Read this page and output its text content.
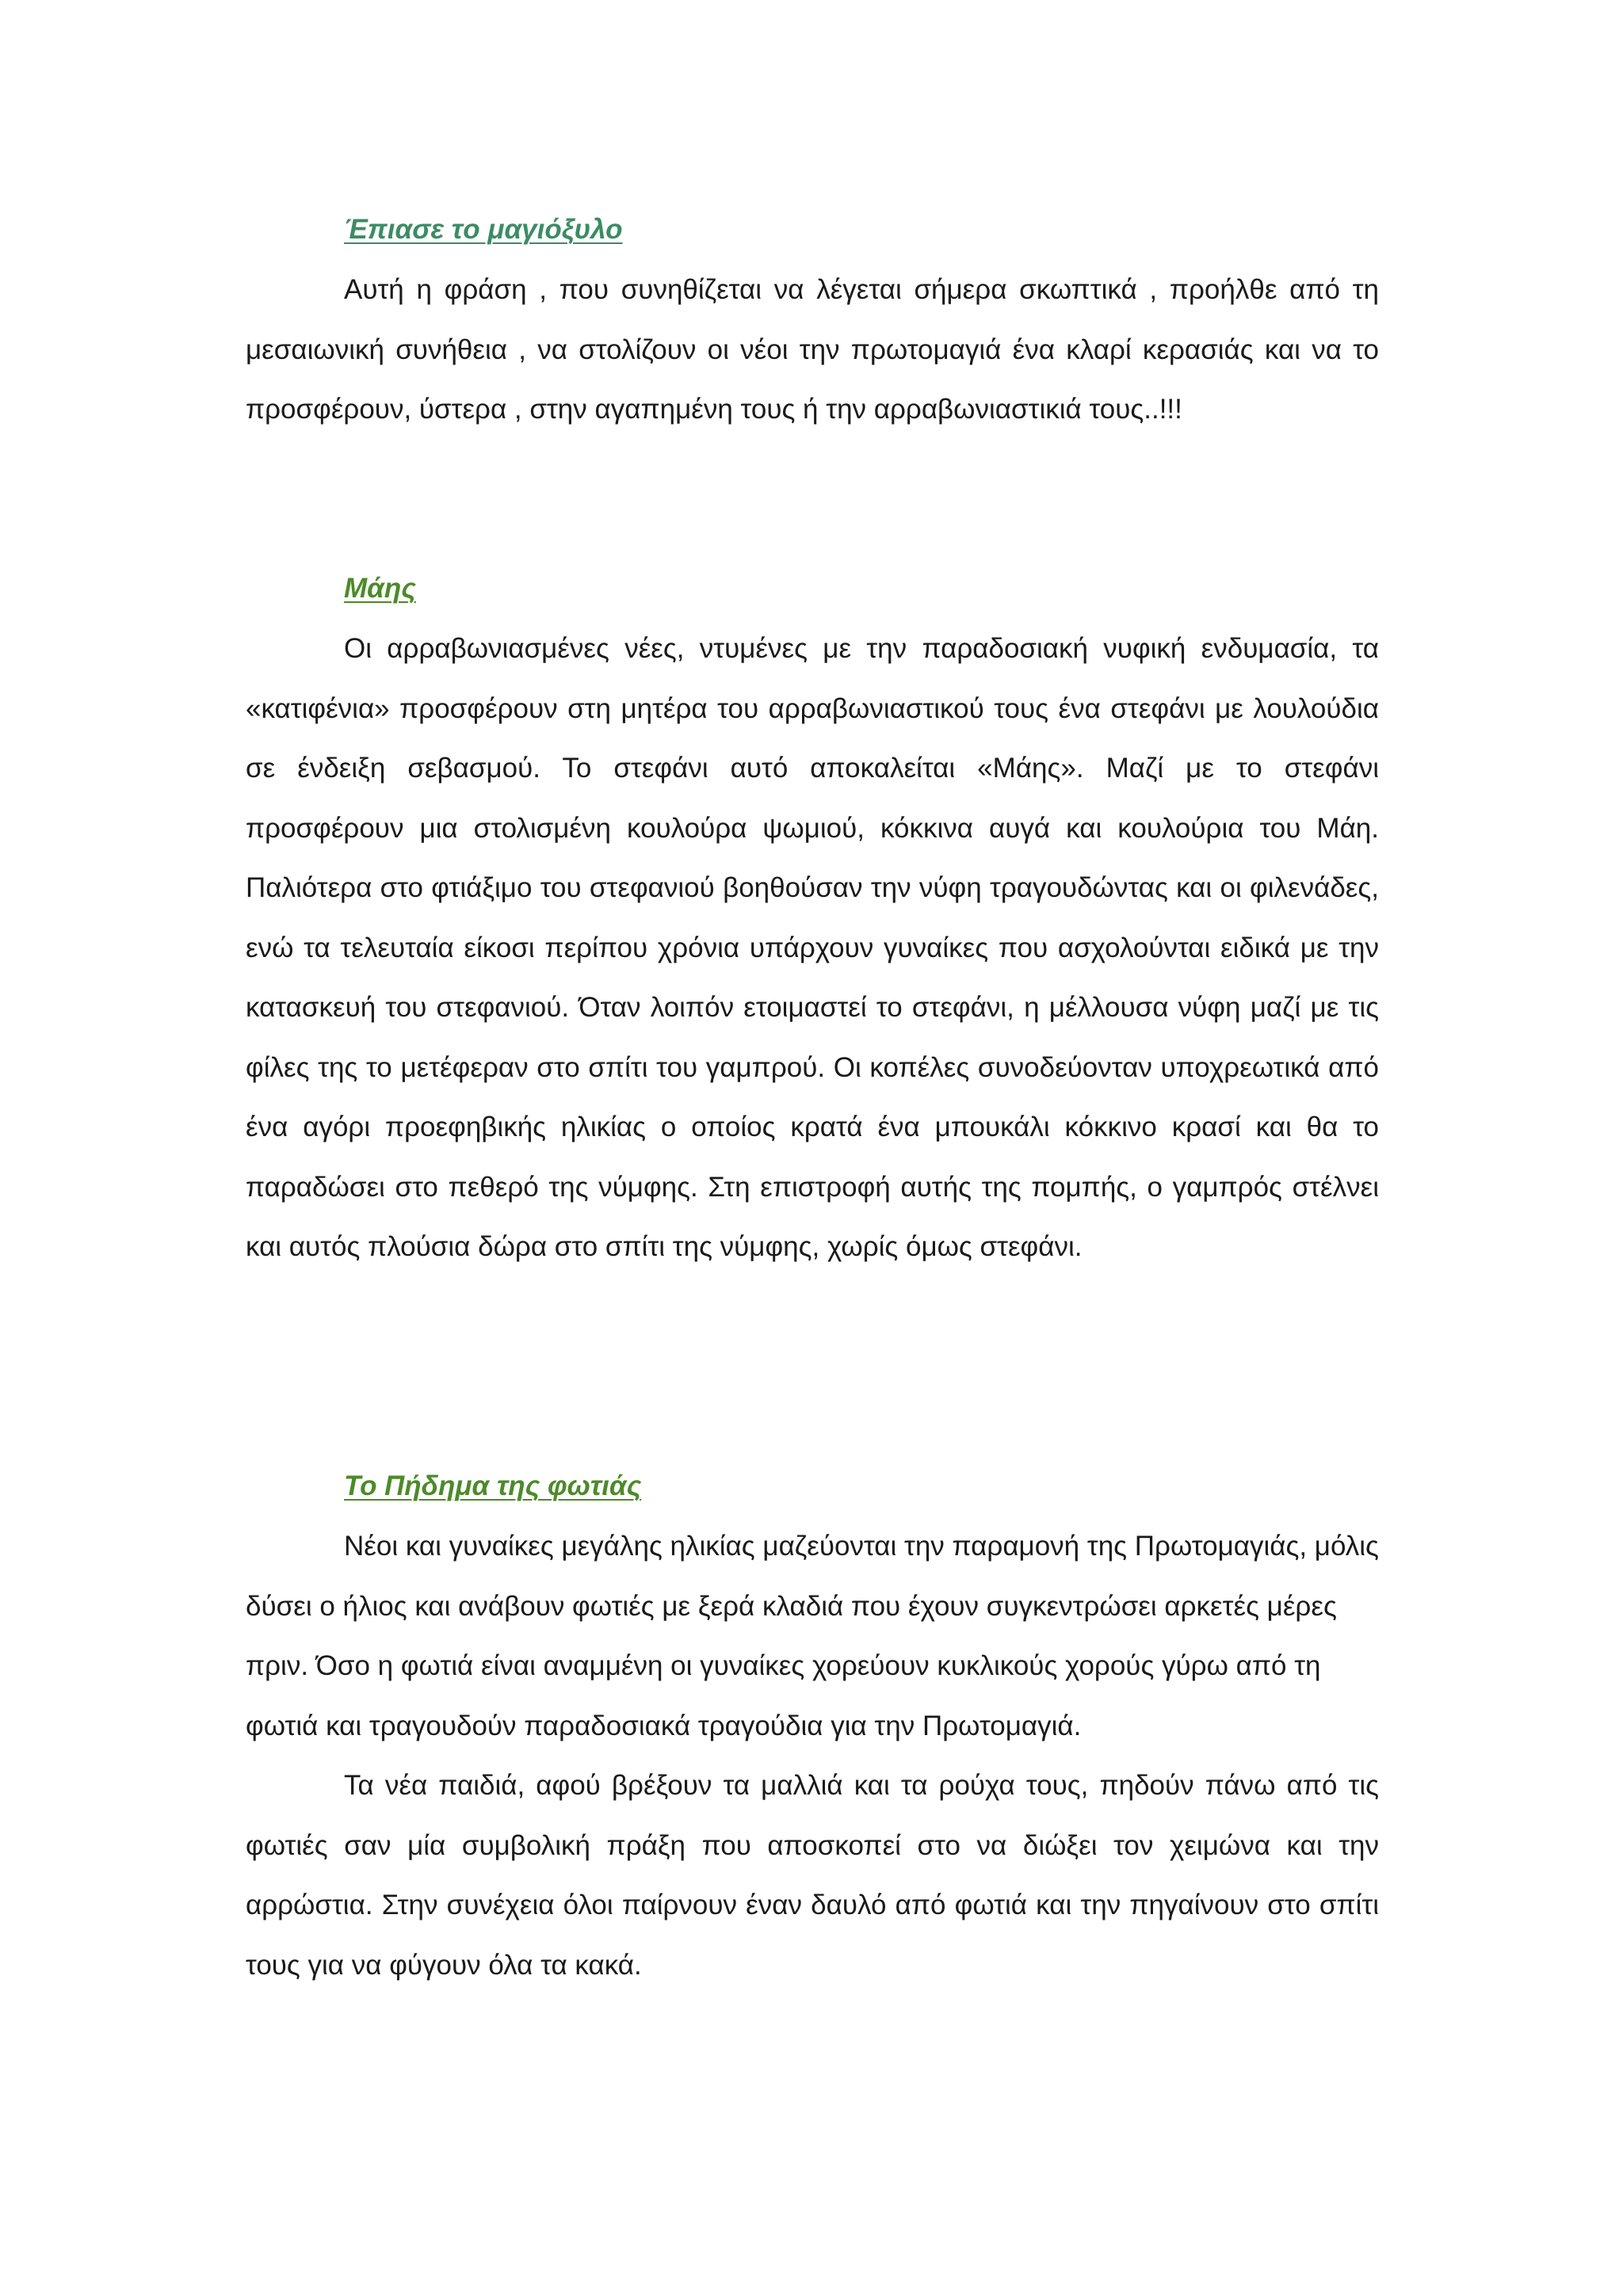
Έπιασε το μαγιόξυλο

Αυτή η φράση , που συνηθίζεται να λέγεται σήμερα σκωπτικά , προήλθε από τη μεσαιωνική συνήθεια , να στολίζουν οι νέοι την πρωτομαγιά ένα κλαρί κερασιάς και να το προσφέρουν, ύστερα , στην αγαπημένη τους ή την αρραβωνιαστικιά τους..!!!

Μάης

Οι αρραβωνιασμένες νέες, ντυμένες με την παραδοσιακή νυφική ενδυμασία, τα «κατιφένια» προσφέρουν στη μητέρα του αρραβωνιαστικού τους ένα στεφάνι με λουλούδια σε ένδειξη σεβασμού. Το στεφάνι αυτό αποκαλείται «Μάης». Μαζί με το στεφάνι προσφέρουν μια στολισμένη κουλούρα ψωμιού, κόκκινα αυγά και κουλούρια του Μάη. Παλιότερα στο φτιάξιμο του στεφανιού βοηθούσαν την νύφη τραγουδώντας και οι φιλενάδες, ενώ τα τελευταία είκοσι περίπου χρόνια υπάρχουν γυναίκες που ασχολούνται ειδικά με την κατασκευή του στεφανιού. Όταν λοιπόν ετοιμαστεί το στεφάνι, η μέλλουσα νύφη μαζί με τις φίλες της το μετέφεραν στο σπίτι του γαμπρού. Οι κοπέλες συνοδεύονταν υποχρεωτικά από ένα αγόρι προεφηβικής ηλικίας ο οποίος κρατά ένα μπουκάλι κόκκινο κρασί και θα το παραδώσει στο πεθερό της νύμφης. Στη επιστροφή αυτής της πομπής, ο γαμπρός στέλνει και αυτός πλούσια δώρα στο σπίτι της νύμφης, χωρίς όμως στεφάνι.

Το Πήδημα της φωτιάς

Νέοι και γυναίκες μεγάλης ηλικίας μαζεύονται την παραμονή της Πρωτομαγιάς, μόλις δύσει ο ήλιος και ανάβουν φωτιές με ξερά κλαδιά που έχουν συγκεντρώσει αρκετές μέρες πριν. Όσο η φωτιά είναι αναμμένη οι γυναίκες χορεύουν κυκλικούς χορούς γύρω από τη φωτιά και τραγουδούν παραδοσιακά τραγούδια για την Πρωτομαγιά.

Τα νέα παιδιά, αφού βρέξουν τα μαλλιά και τα ρούχα τους, πηδούν πάνω από τις φωτιές σαν μία συμβολική πράξη που αποσκοπεί στο να διώξει τον χειμώνα και την αρρώστια. Στην συνέχεια όλοι παίρνουν έναν δαυλό από φωτιά και την πηγαίνουν στο σπίτι τους για να φύγουν όλα τα κακά.
